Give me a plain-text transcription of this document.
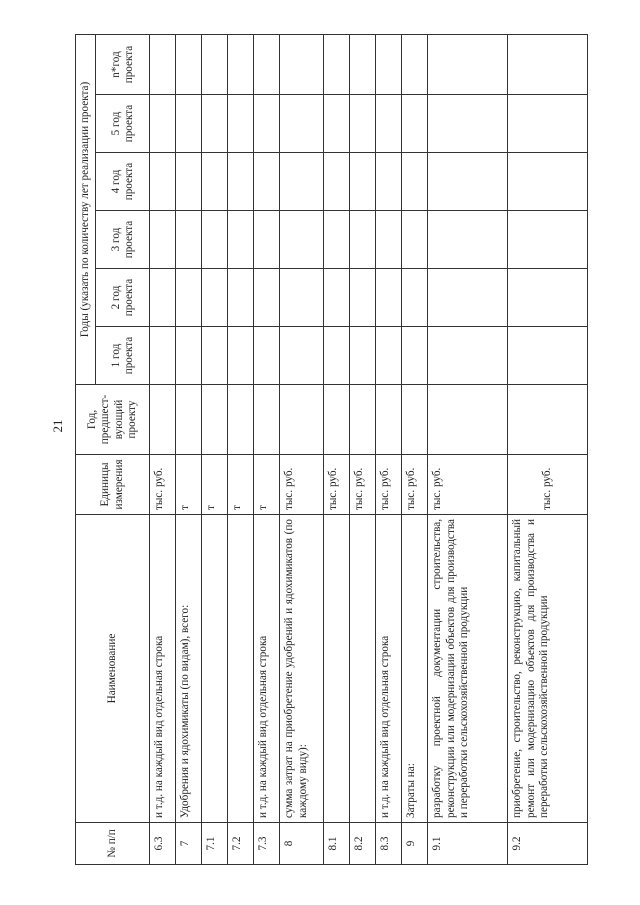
21
№ п/п	Наименование	Единицы измерения	Год, предшест-вующий проекту	Годы (указать по количеству лет реализации проекта)					
				1 год проекта	2 год проекта	3 год проекта	4 год проекта	5 год проекта	n*год проекта
6.3	и т.д. на каждый вид отдельная строка	тыс. руб.							
7	Удобрения и ядохимикаты (по видам), всего:	т							
7.1		т							
7.2		т							
7.3	и т.д. на каждый вид отдельная строка	т							
8	сумма затрат на приобретение удобрений и ядохимикатов (по каждому виду):	тыс. руб.							
8.1		тыс. руб.							
8.2		тыс. руб.							
8.3	и т.д. на каждый вид отдельная строка	тыс. руб.							
9	Затраты на:	тыс. руб.							
9.1	разработку проектной документации строительства, реконструкции или модернизации объектов для производства и переработки сельскохозяйственной продукции	тыс. руб.							
9.2	приобретение, строительство, реконструкцию, капитальный ремонт или модернизацию объектов для производства и переработки сельскохозяйственной продукции	тыс. руб.							
